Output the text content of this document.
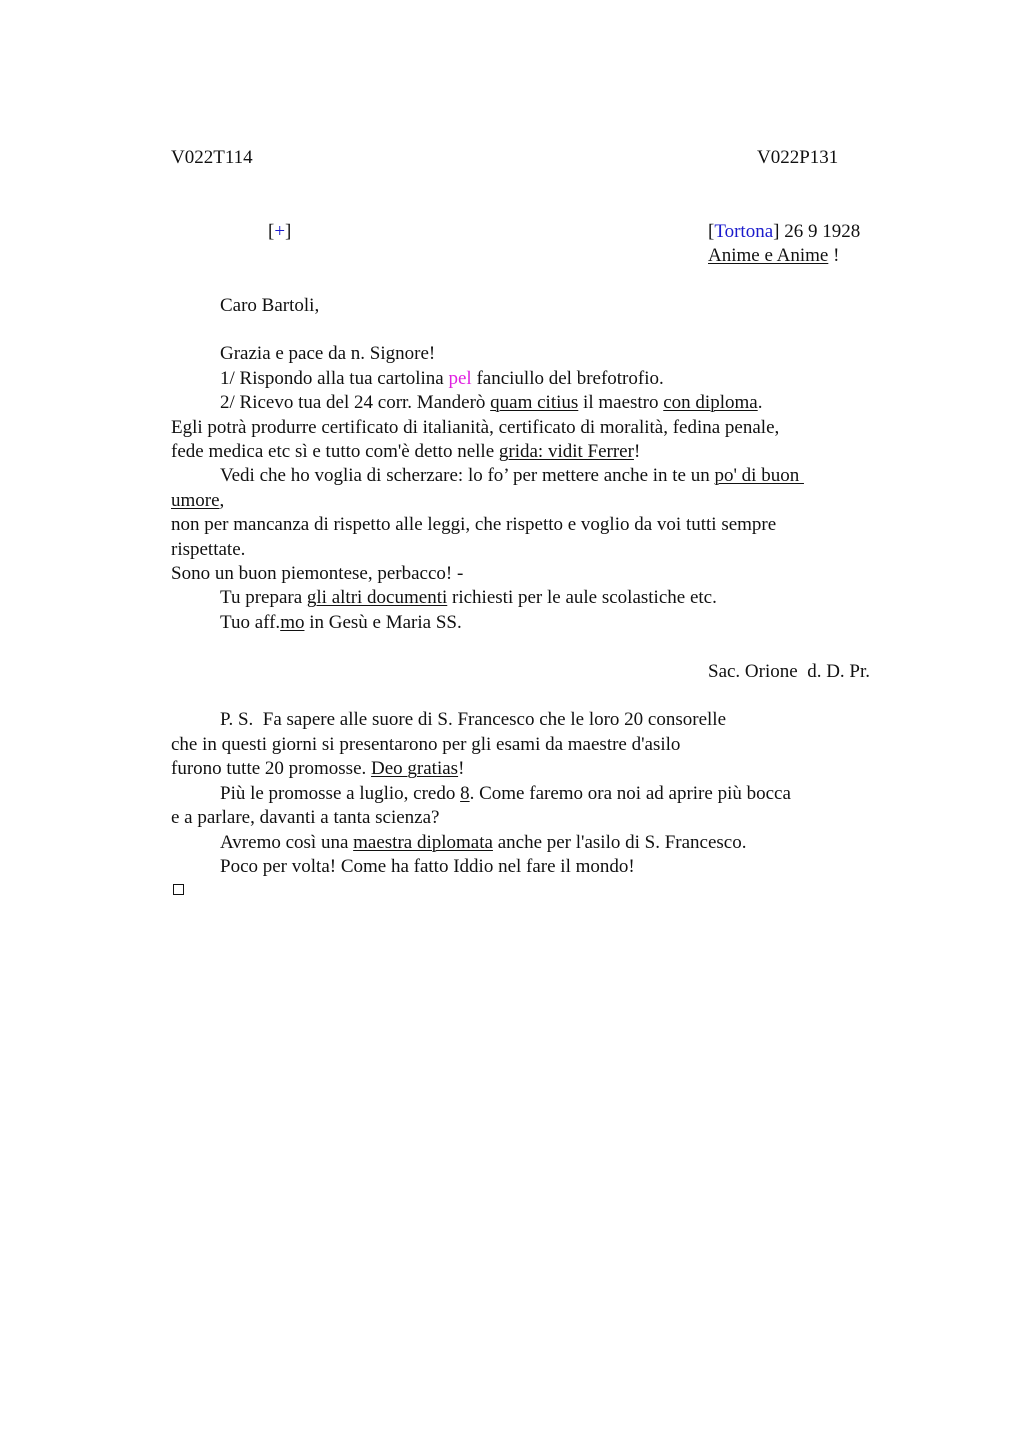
V022T114	V022P131
[+]	[Tortona] 26 9 1928
Anime e Anime !
Caro Bartoli,
Grazia e pace da n. Signore!
1/ Rispondo alla tua cartolina pel fanciullo del brefotrofio.
2/ Ricevo tua del 24 corr. Manderò quam citius il maestro con diploma.
Egli potrà produrre certificato di italianità, certificato di moralità, fedina penale,
fede medica etc sì e tutto com'è detto nelle grida: vidit Ferrer!
Vedi che ho voglia di scherzare: lo fo’ per mettere anche in te un po' di buon
umore,
non per mancanza di rispetto alle leggi, che rispetto e voglio da voi tutti sempre
rispettate.
Sono un buon piemontese, perbacco! -
Tu prepara gli altri documenti richiesti per le aule scolastiche etc.
Tuo aff.mo in Gesù e Maria SS.
Sac. Orione  d. D. Pr.
P. S.  Fa sapere alle suore di S. Francesco che le loro 20 consorelle
che in questi giorni si presentarono per gli esami da maestre d'asilo
furono tutte 20 promosse. Deo gratias!
Più le promosse a luglio, credo 8. Come faremo ora noi ad aprire più bocca
e a parlare, davanti a tanta scienza?
Avremo così una maestra diplomata anche per l'asilo di S. Francesco.
Poco per volta! Come ha fatto Iddio nel fare il mondo!
